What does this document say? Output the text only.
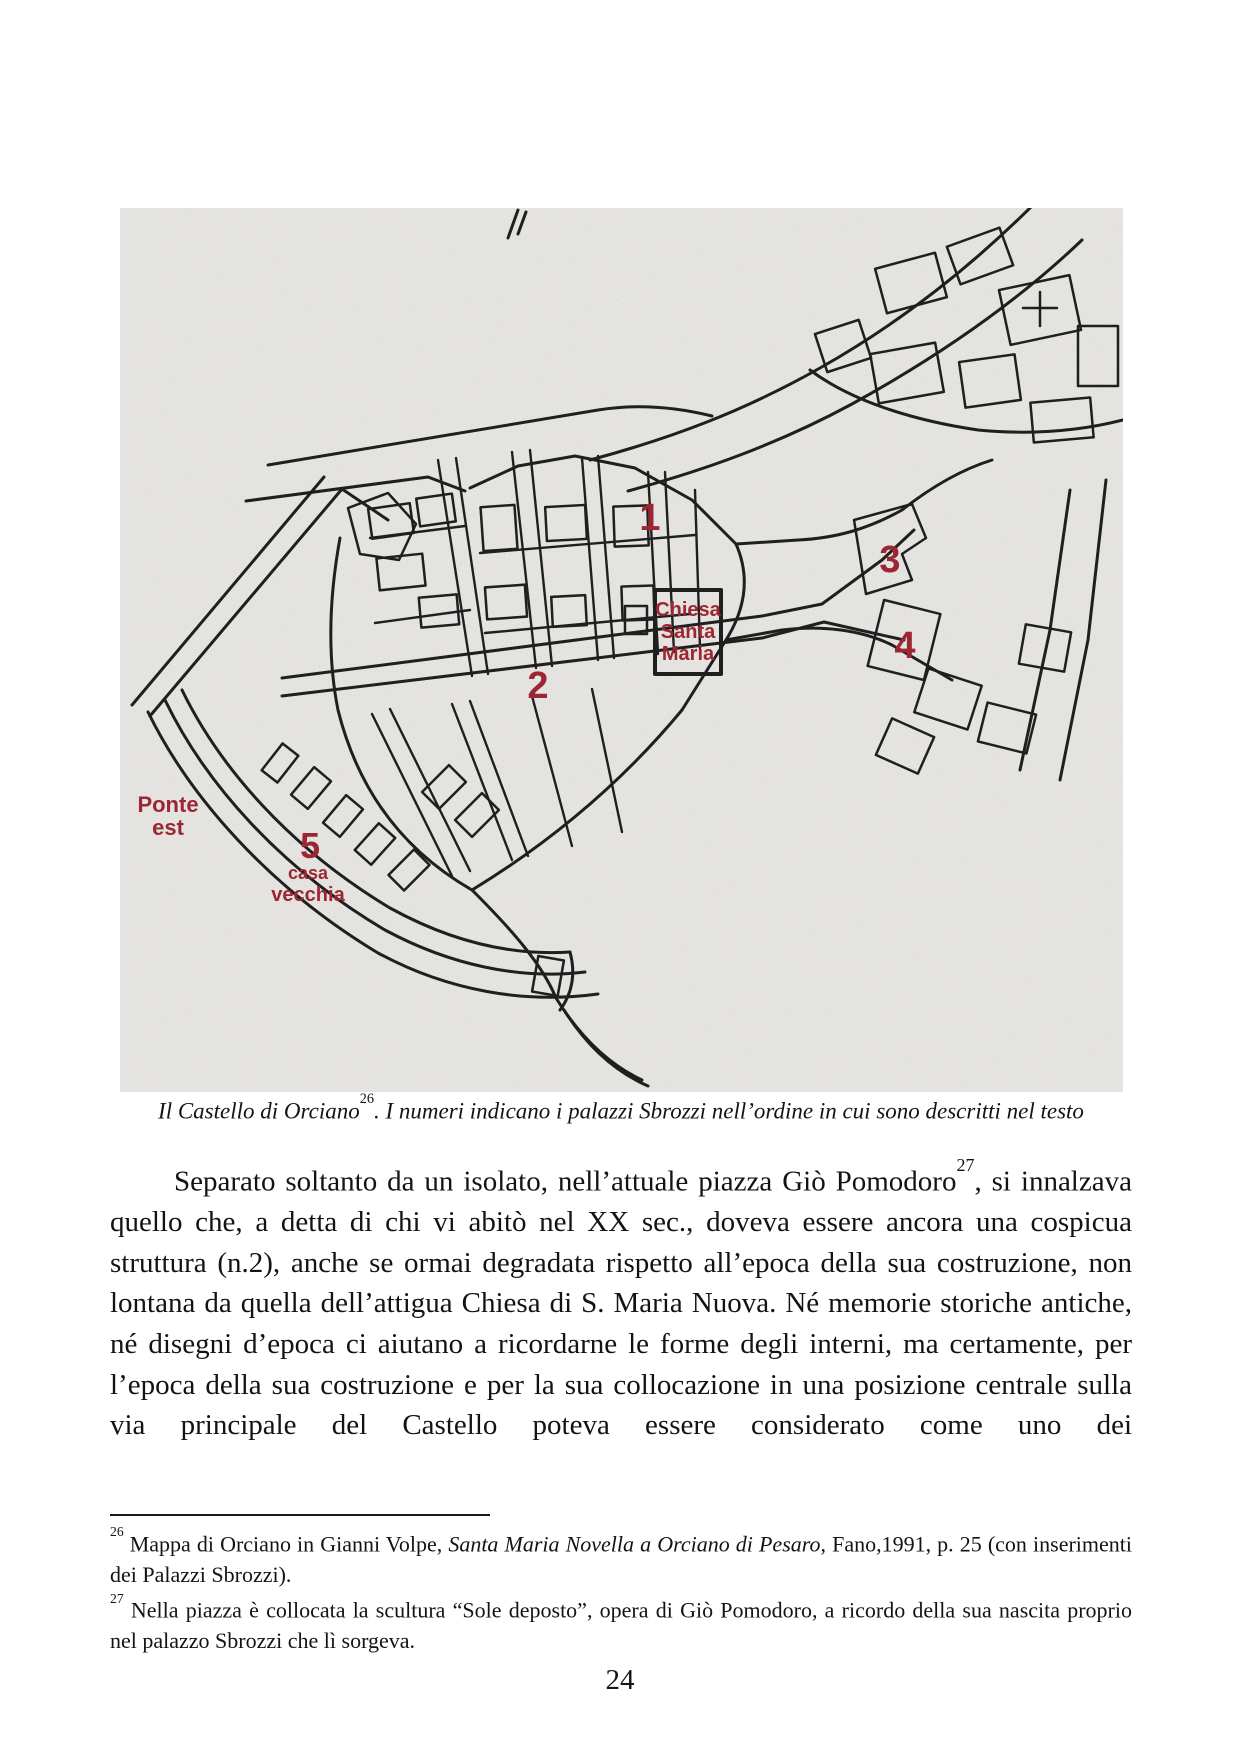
1
2
3
4
5
casa
vecchia
Ponte
est
Chiesa
Santa
Maria
Il Castello di Orciano$^{26}$. I numeri indicano i palazzi Sbrozzi nell’ordine in cui sono descritti nel testo

Separato soltanto da un isolato, nell’attuale piazza Giò Pomodoro$^{27}$, si innalzava quello che, a detta di chi vi abitò nel XX sec., doveva essere ancora una cospicua struttura (n.2), anche se ormai degradata rispetto all’epoca della sua costruzione, non lontana da quella dell’attigua Chiesa di S. Maria Nuova. Né memorie storiche antiche, né disegni d’epoca ci aiutano a ricordarne le forme degli interni, ma certamente, per l’epoca della sua costruzione e per la sua collocazione in una posizione centrale sulla via principale del Castello poteva essere considerato come uno dei

$^{26}$ Mappa di Orciano in Gianni Volpe, Santa Maria Novella a Orciano di Pesaro, Fano,1991, p. 25 (con inserimenti dei Palazzi Sbrozzi).

$^{27}$ Nella piazza è collocata la scultura “Sole deposto”, opera di Giò Pomodoro, a ricordo della sua nascita proprio nel palazzo Sbrozzi che lì sorgeva.

24
